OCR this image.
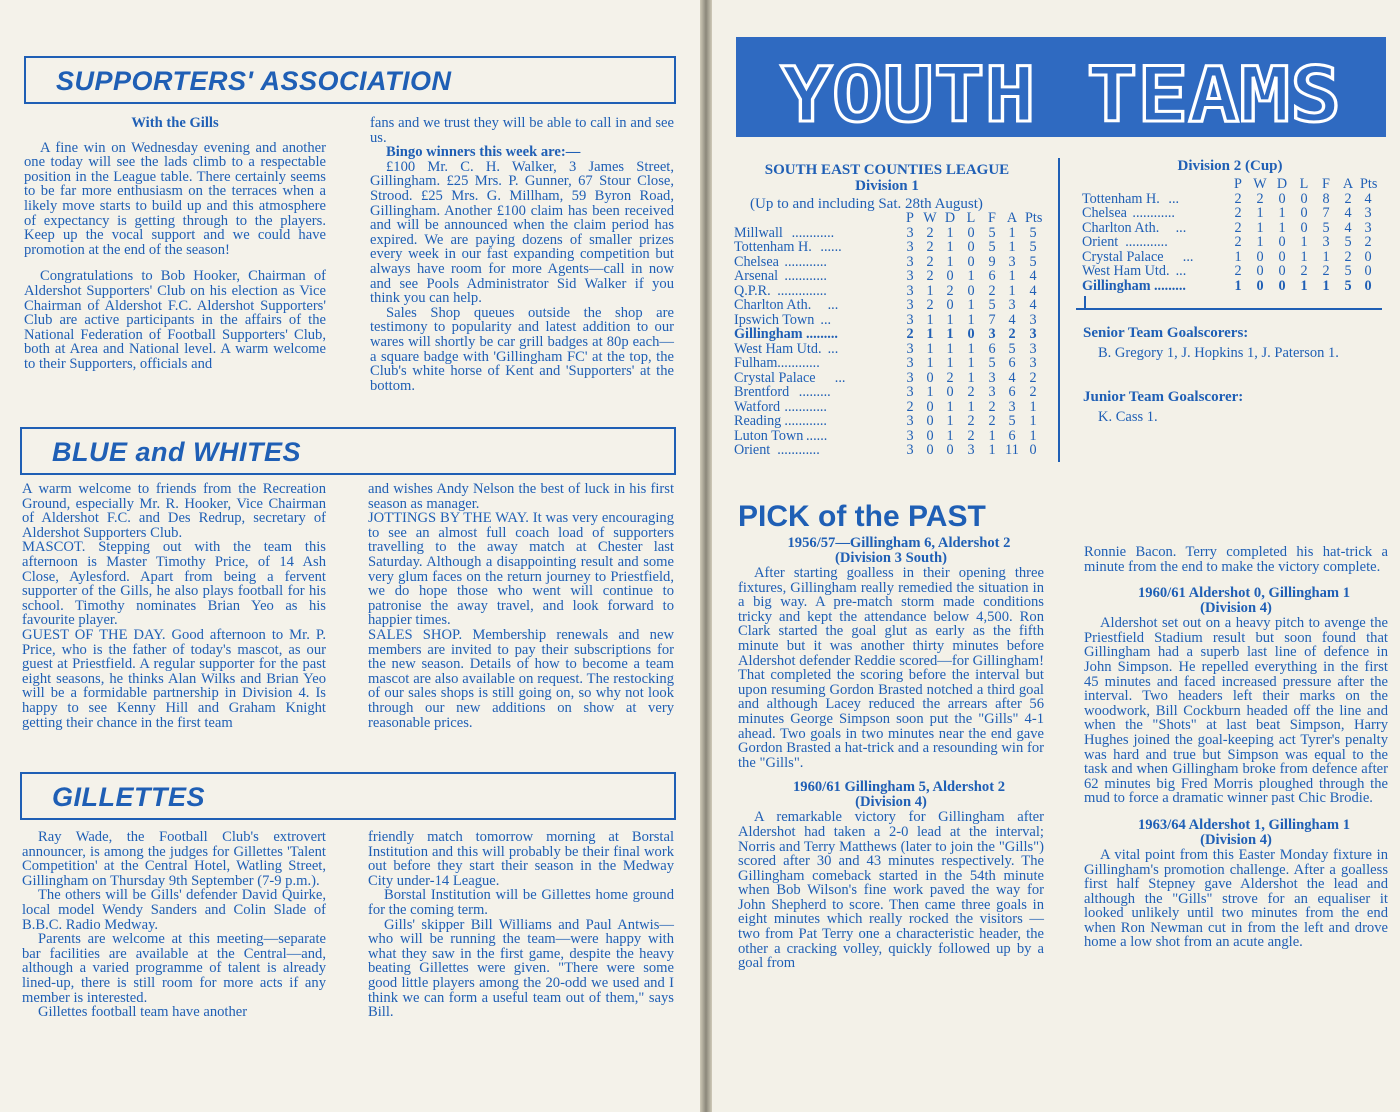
SUPPORTERS' ASSOCIATION

With the Gills

A fine win on Wednesday evening and another one today will see the lads climb to a respectable position in the League table. There certainly seems to be far more enthusiasm on the terraces when a likely move starts to build up and this atmosphere of expectancy is getting through to the players. Keep up the vocal support and we could have promotion at the end of the season!

Congratulations to Bob Hooker, Chairman of Aldershot Supporters' Club on his election as Vice Chairman of Aldershot F.C. Aldershot Supporters' Club are active participants in the affairs of the National Federation of Football Supporters' Club, both at Area and National level. A warm welcome to their Supporters, officials and

fans and we trust they will be able to call in and see us.

Bingo winners this week are:—

£100 Mr. C. H. Walker, 3 James Street, Gillingham. £25 Mrs. P. Gunner, 67 Stour Close, Strood. £25 Mrs. G. Millham, 59 Byron Road, Gillingham. Another £100 claim has been received and will be announced when the claim period has expired. We are paying dozens of smaller prizes every week in our fast expanding competition but always have room for more Agents—call in now and see Pools Administrator Sid Walker if you think you can help.

Sales Shop queues outside the shop are testimony to popularity and latest addition to our wares will shortly be car grill badges at 80p each—a square badge with 'Gillingham FC' at the top, the Club's white horse of Kent and 'Supporters' at the bottom.

BLUE and WHITES

A warm welcome to friends from the Recreation Ground, especially Mr. R. Hooker, Vice Chairman of Aldershot F.C. and Des Redrup, secretary of Aldershot Supporters Club.

MASCOT. Stepping out with the team this afternoon is Master Timothy Price, of 14 Ash Close, Aylesford. Apart from being a fervent supporter of the Gills, he also plays football for his school. Timothy nominates Brian Yeo as his favourite player.

GUEST OF THE DAY. Good afternoon to Mr. P. Price, who is the father of today's mascot, as our guest at Priestfield. A regular supporter for the past eight seasons, he thinks Alan Wilks and Brian Yeo will be a formidable partnership in Division 4. Is happy to see Kenny Hill and Graham Knight getting their chance in the first team

and wishes Andy Nelson the best of luck in his first season as manager.

JOTTINGS BY THE WAY. It was very encouraging to see an almost full coach load of supporters travelling to the away match at Chester last Saturday. Although a disappointing result and some very glum faces on the return journey to Priestfield, we do hope those who went will continue to patronise the away travel, and look forward to happier times.

SALES SHOP. Membership renewals and new members are invited to pay their subscriptions for the new season. Details of how to become a team mascot are also available on request. The restocking of our sales shops is still going on, so why not look through our new additions on show at very reasonable prices.

GILLETTES

Ray Wade, the Football Club's extrovert announcer, is among the judges for Gillettes 'Talent Competition' at the Central Hotel, Watling Street, Gillingham on Thursday 9th September (7-9 p.m.).

The others will be Gills' defender David Quirke, local model Wendy Sanders and Colin Slade of B.B.C. Radio Medway.

Parents are welcome at this meeting—separate bar facilities are available at the Central—and, although a varied programme of talent is already lined-up, there is still room for more acts if any member is interested.

Gillettes football team have another

friendly match tomorrow morning at Borstal Institution and this will probably be their final work out before they start their season in the Medway City under-14 League.

Borstal Institution will be Gillettes home ground for the coming term.

Gills' skipper Bill Williams and Paul Antwis—who will be running the team—were happy with what they saw in the first game, despite the heavy beating Gillettes were given. "There were some good little players among the 20-odd we used and I think we can form a useful team out of them," says Bill.

YOUTH TEAMS
SOUTH EAST COUNTIES LEAGUE
Division 1
(Up to and including Sat. 28th August)
P W D L F A Pts
Millwall ............	3 2 1 0 5 1 5
Tottenham H. ......	3 2 1 0 5 1 5
Chelsea ............	3 2 1 0 9 3 5
Arsenal ............	3 2 0 1 6 1 4
Q.P.R. ..............	3 1 2 0 2 1 4
Charlton Ath. ...	3 2 0 1 5 3 4
Ipswich Town ...	3 1 1 1 7 4 3
Gillingham .........	2 1 1 0 3 2 3
West Ham Utd. ...	3 1 1 1 6 5 3
Fulham ............	3 1 1 1 5 6 3
Crystal Palace ...	3 0 2 1 3 4 2
Brentford .........	3 1 0 2 3 6 2
Watford ............	2 0 1 1 2 3 1
Reading ............	3 0 1 2 2 5 1
Luton Town ......	3 0 1 2 1 6 1
Orient ............	3 0 0 3 1 11 0
Division 2 (Cup)
P W D L F A Pts
Tottenham H. ...	2	2	0	0	8	2 4
Chelsea ............	2	1	1	0	7	4 3
Charlton Ath. ...	2	1	1	0	5	4 3
Orient ............	2	1	0	1	3	5 2
Crystal Palace ...	1	0	0	1	1	2 0
West Ham Utd. ...	2	0	0	2	2	5 0
Gillingham .........	1	0	0	1	1	5 0
Senior Team Goalscorers:
B. Gregory 1, J. Hopkins 1, J. Paterson 1.
Junior Team Goalscorer:
K. Cass 1.
PICK of the PAST

1956/57—Gillingham 6, Aldershot 2
(Division 3 South)

After starting goalless in their opening three fixtures, Gillingham really remedied the situation in a big way. A pre-match storm made conditions tricky and kept the attendance below 4,500. Ron Clark started the goal glut as early as the fifth minute but it was another thirty minutes before Aldershot defender Reddie scored—for Gillingham! That completed the scoring before the interval but upon resuming Gordon Brasted notched a third goal and although Lacey reduced the arrears after 56 minutes George Simpson soon put the "Gills" 4-1 ahead. Two goals in two minutes near the end gave Gordon Brasted a hat-trick and a resounding win for the "Gills".

1960/61 Gillingham 5, Aldershot 2
(Division 4)

A remarkable victory for Gillingham after Aldershot had taken a 2-0 lead at the interval; Norris and Terry Matthews (later to join the "Gills") scored after 30 and 43 minutes respectively. The Gillingham comeback started in the 54th minute when Bob Wilson's fine work paved the way for John Shepherd to score. Then came three goals in eight minutes which really rocked the visitors — two from Pat Terry one a characteristic header, the other a cracking volley, quickly followed up by a goal from

Ronnie Bacon. Terry completed his hat-trick a minute from the end to make the victory complete.

1960/61 Aldershot 0, Gillingham 1
(Division 4)

Aldershot set out on a heavy pitch to avenge the Priestfield Stadium result but soon found that Gillingham had a superb last line of defence in John Simpson. He repelled everything in the first 45 minutes and faced increased pressure after the interval. Two headers left their marks on the woodwork, Bill Cockburn headed off the line and when the "Shots" at last beat Simpson, Harry Hughes joined the goal-keeping act Tyrer's penalty was hard and true but Simpson was equal to the task and when Gillingham broke from defence after 62 minutes big Fred Morris ploughed through the mud to force a dramatic winner past Chic Brodie.

1963/64 Aldershot 1, Gillingham 1
(Division 4)

A vital point from this Easter Monday fixture in Gillingham's promotion challenge. After a goalless first half Stepney gave Aldershot the lead and although the "Gills" strove for an equaliser it looked unlikely until two minutes from the end when Ron Newman cut in from the left and drove home a low shot from an acute angle.
